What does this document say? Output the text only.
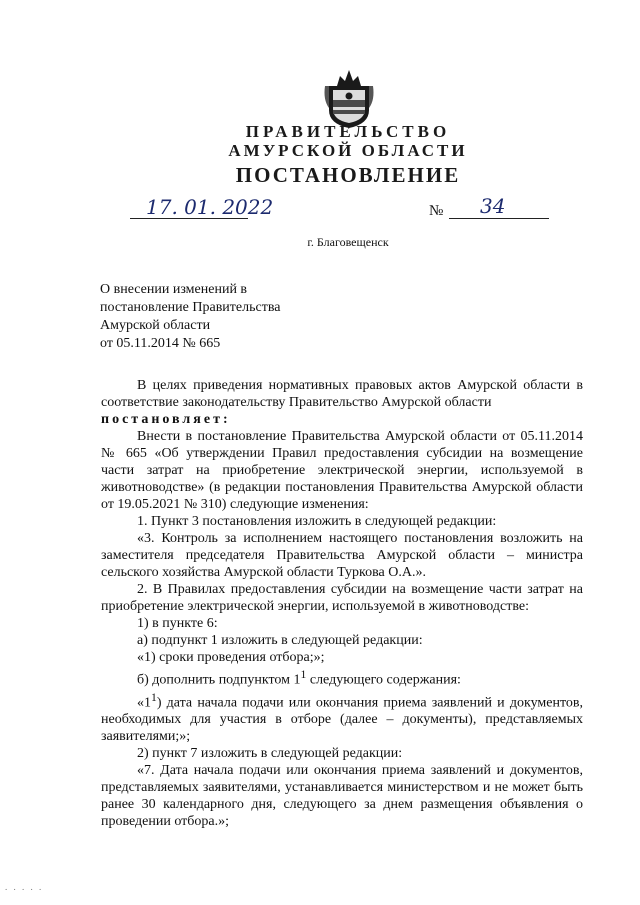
ПРАВИТЕЛЬСТВО
АМУРСКОЙ ОБЛАСТИ
ПОСТАНОВЛЕНИЕ
17. 01. 2022	№ 34
г. Благовещенск
О внесении изменений в
постановление Правительства
Амурской области
от 05.11.2014 № 665

В целях приведения нормативных правовых актов Амурской области в соответствие законодательству Правительство Амурской области

постановляет:

Внести в постановление Правительства Амурской области от 05.11.2014 № 665 «Об утверждении Правил предоставления субсидии на возмещение части затрат на приобретение электрической энергии, используемой в животноводстве» (в редакции постановления Правительства Амурской области от 19.05.2021 № 310) следующие изменения:

1. Пункт 3 постановления изложить в следующей редакции:

«3. Контроль за исполнением настоящего постановления возложить на заместителя председателя Правительства Амурской области – министра сельского хозяйства Амурской области Туркова О.А.».

2. В Правилах предоставления субсидии на возмещение части затрат на приобретение электрической энергии, используемой в животноводстве:

1) в пункте 6:

а) подпункт 1 изложить в следующей редакции:

«1) сроки проведения отбора;»;

б) дополнить подпунктом $1^1$ следующего содержания:

«$1^1$) дата начала подачи или окончания приема заявлений и документов, необходимых для участия в отборе (далее – документы), представляемых заявителями;»;

2) пункт 7 изложить в следующей редакции:

«7. Дата начала подачи или окончания приема заявлений и документов, представляемых заявителями, устанавливается министерством и не может быть ранее 30 календарного дня, следующего за днем размещения объявления о проведении отбора.»;

. . . . .
